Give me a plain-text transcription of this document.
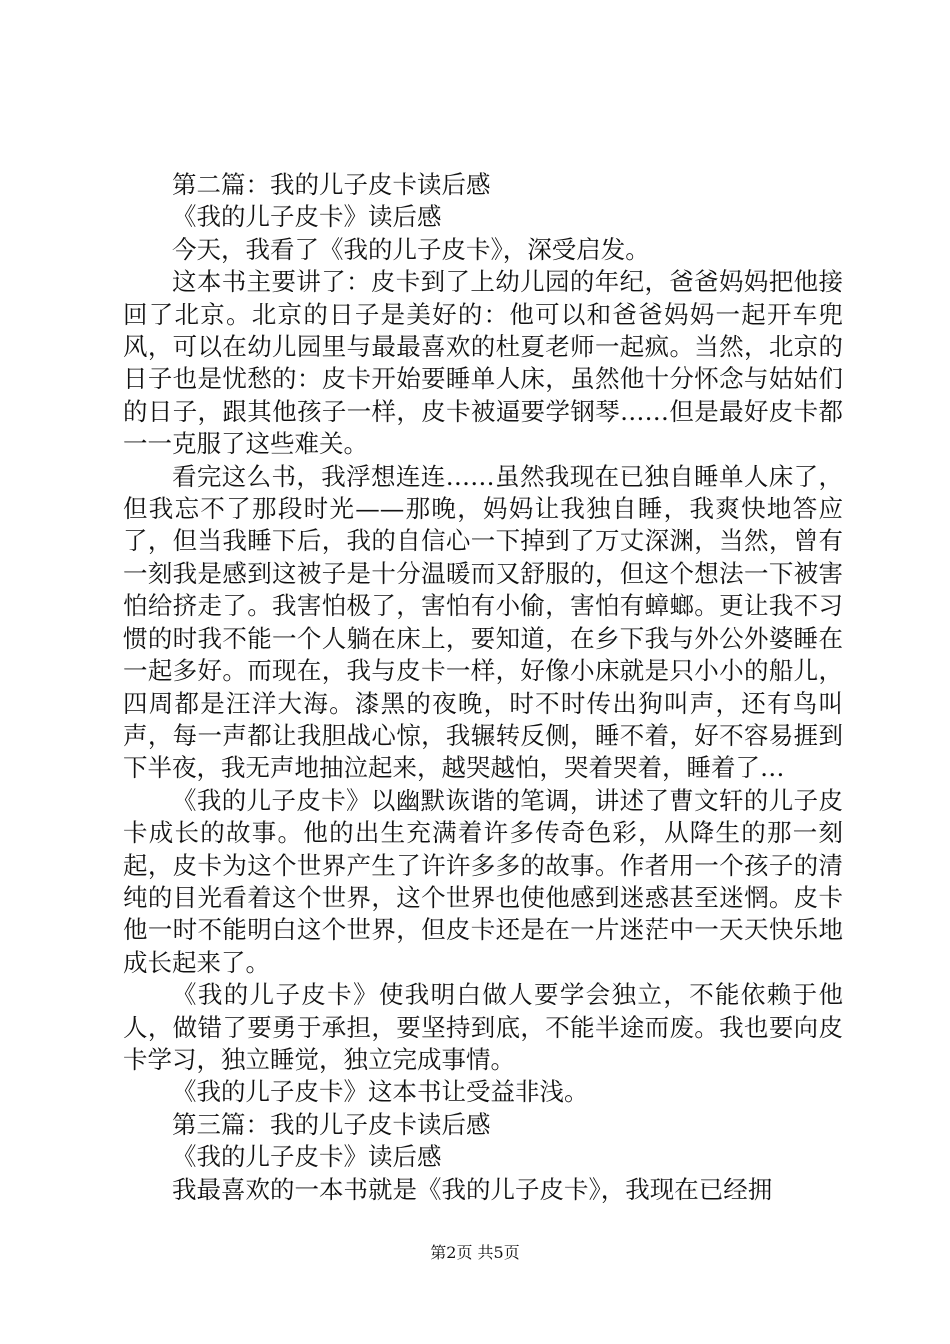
第二篇：我的儿子皮卡读后感

《我的儿子皮卡》读后感

今天，我看了《我的儿子皮卡》，深受启发。

这本书主要讲了：皮卡到了上幼儿园的年纪，爸爸妈妈把他接回了北京。北京的日子是美好的：他可以和爸爸妈妈一起开车兜风，可以在幼儿园里与最最喜欢的杜夏老师一起疯。当然，北京的日子也是忧愁的：皮卡开始要睡单人床，虽然他十分怀念与姑姑们的日子，跟其他孩子一样，皮卡被逼要学钢琴……但是最好皮卡都一一克服了这些难关。

看完这么书，我浮想连连……虽然我现在已独自睡单人床了，但我忘不了那段时光——那晚，妈妈让我独自睡，我爽快地答应了，但当我睡下后，我的自信心一下掉到了万丈深渊，当然，曾有一刻我是感到这被子是十分温暖而又舒服的，但这个想法一下被害怕给挤走了。我害怕极了，害怕有小偷，害怕有蟑螂。更让我不习惯的时我不能一个人躺在床上，要知道，在乡下我与外公外婆睡在一起多好。而现在，我与皮卡一样，好像小床就是只小小的船儿，四周都是汪洋大海。漆黑的夜晚，时不时传出狗叫声，还有鸟叫声，每一声都让我胆战心惊，我辗转反侧，睡不着，好不容易捱到下半夜，我无声地抽泣起来，越哭越怕，哭着哭着，睡着了…

《我的儿子皮卡》以幽默诙谐的笔调，讲述了曹文轩的儿子皮卡成长的故事。他的出生充满着许多传奇色彩，从降生的那一刻起，皮卡为这个世界产生了许许多多的故事。作者用一个孩子的清纯的目光看着这个世界，这个世界也使他感到迷惑甚至迷惘。皮卡他一时不能明白这个世界，但皮卡还是在一片迷茫中一天天快乐地成长起来了。

《我的儿子皮卡》使我明白做人要学会独立，不能依赖于他人，做错了要勇于承担，要坚持到底，不能半途而废。我也要向皮卡学习，独立睡觉，独立完成事情。

《我的儿子皮卡》这本书让受益非浅。

第三篇：我的儿子皮卡读后感

《我的儿子皮卡》读后感

我最喜欢的一本书就是《我的儿子皮卡》，我现在已经拥

第2页 共5页
